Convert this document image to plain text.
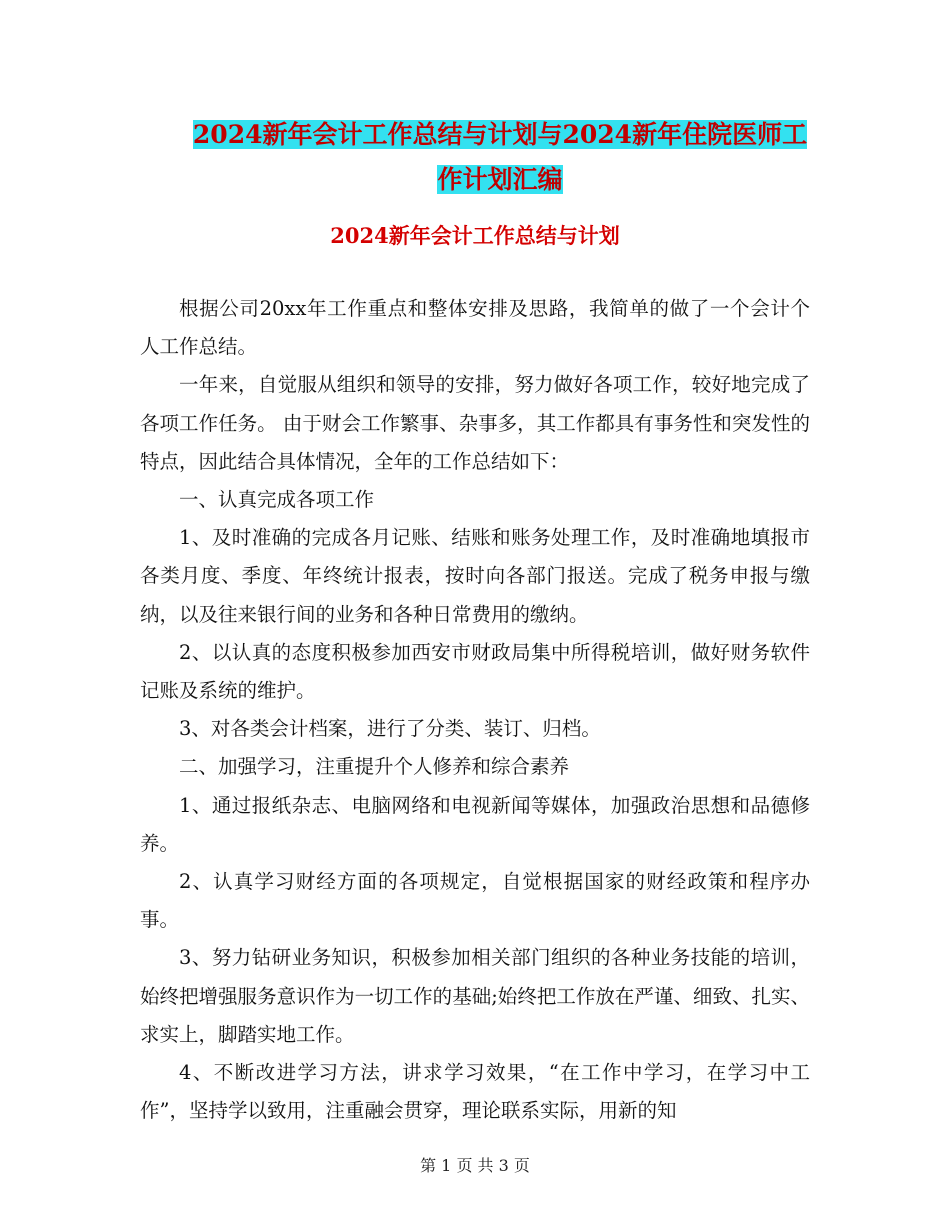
2024新年会计工作总结与计划与2024新年住院医师工
作计划汇编
2024新年会计工作总结与计划

根据公司20xx年工作重点和整体安排及思路，我简单的做了一个会计个人工作总结。

一年来，自觉服从组织和领导的安排，努力做好各项工作，较好地完成了各项工作任务。 由于财会工作繁事、杂事多，其工作都具有事务性和突发性的特点，因此结合具体情况，全年的工作总结如下：

一、认真完成各项工作

1、及时准确的完成各月记账、结账和账务处理工作，及时准确地填报市各类月度、季度、年终统计报表，按时向各部门报送。完成了税务申报与缴纳，以及往来银行间的业务和各种日常费用的缴纳。

2、以认真的态度积极参加西安市财政局集中所得税培训，做好财务软件记账及系统的维护。

3、对各类会计档案，进行了分类、装订、归档。

二、加强学习，注重提升个人修养和综合素养

1、通过报纸杂志、电脑网络和电视新闻等媒体，加强政治思想和品德修养。

2、认真学习财经方面的各项规定，自觉根据国家的财经政策和程序办事。

3、努力钻研业务知识，积极参加相关部门组织的各种业务技能的培训，始终把增强服务意识作为一切工作的基础;始终把工作放在严谨、细致、扎实、求实上，脚踏实地工作。

4、不断改进学习方法，讲求学习效果，“在工作中学习，在学习中工作”，坚持学以致用，注重融会贯穿，理论联系实际，用新的知

第 1 页 共 3 页
